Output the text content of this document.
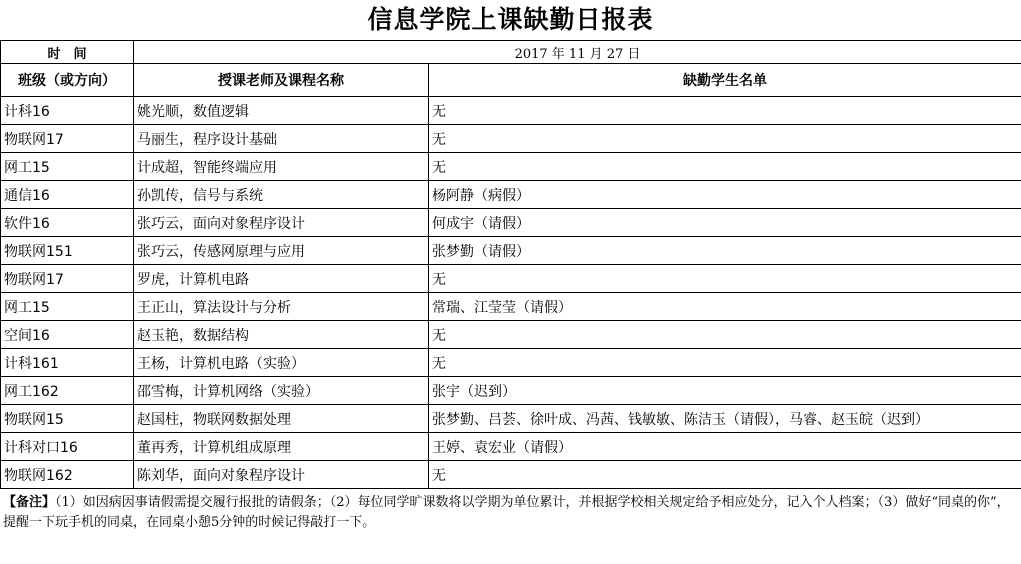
信息学院上课缺勤日报表
时　间	2017 年 11 月 27 日	
班级（或方向）	授课老师及课程名称	缺勤学生名单
计科16	姚光顺，数值逻辑	无
物联网17	马丽生，程序设计基础	无
网工15	计成超，智能终端应用	无
通信16	孙凯传，信号与系统	杨阿静（病假）
软件16	张巧云，面向对象程序设计	何成宇（请假）
物联网151	张巧云，传感网原理与应用	张梦勤（请假）
物联网17	罗虎，计算机电路	无
网工15	王正山，算法设计与分析	常瑞、江莹莹（请假）
空间16	赵玉艳，数据结构	无
计科161	王杨，计算机电路（实验）	无
网工162	邵雪梅，计算机网络（实验）	张宇（迟到）
物联网15	赵国柱，物联网数据处理	张梦勤、吕荟、徐叶成、冯茜、钱敏敏、陈洁玉（请假），马睿、赵玉皖（迟到）
计科对口16	董再秀，计算机组成原理	王婷、袁宏业（请假）
物联网162	陈刘华，面向对象程序设计	无
【备注】（1）如因病因事请假需提交履行报批的请假条；（2）每位同学旷课数将以学期为单位累计，并根据学校相关规定给予相应处分，记入个人档案；（3）做好“同桌的你”，提醒一下玩手机的同桌，在同桌小憩5分钟的时候记得敲打一下。
